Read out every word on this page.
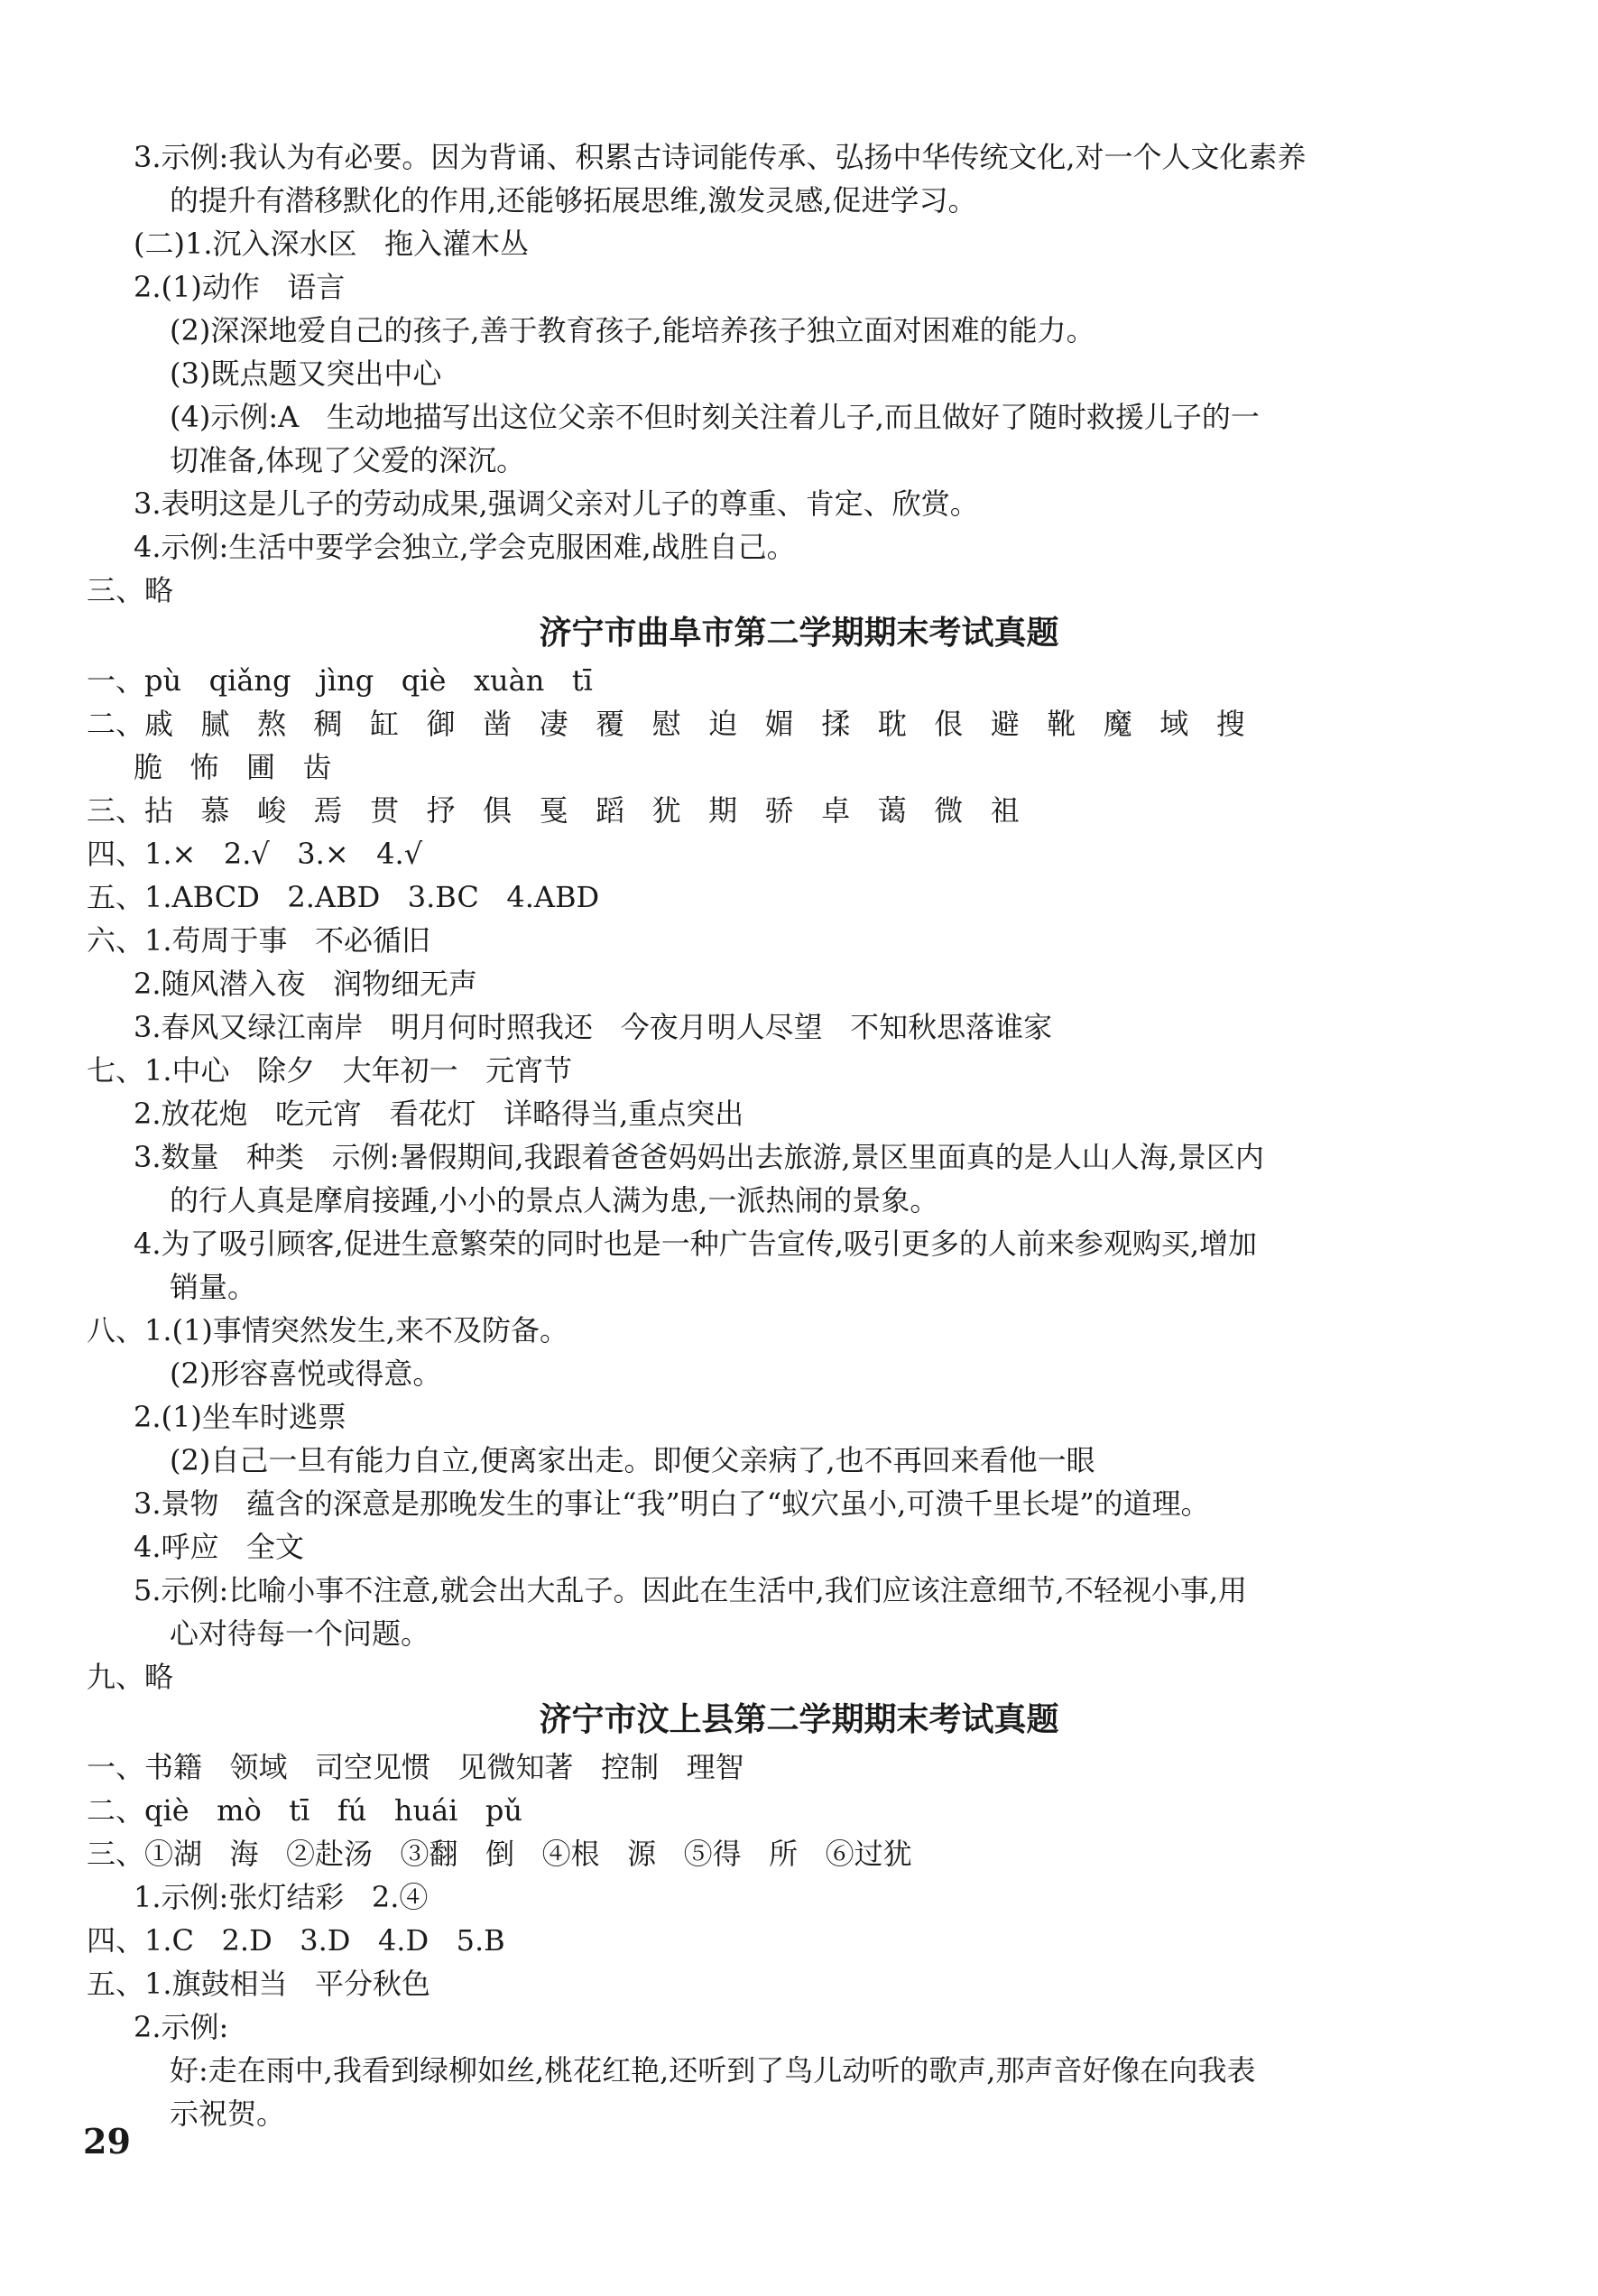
3.示例:我认为有必要。因为背诵、积累古诗词能传承、弘扬中华传统文化,对一个人文化素养
的提升有潜移默化的作用,还能够拓展思维,激发灵感,促进学习。
(二)1.沉入深水区   拖入灌木丛
2.(1)动作   语言
(2)深深地爱自己的孩子,善于教育孩子,能培养孩子独立面对困难的能力。
(3)既点题又突出中心
(4)示例:A   生动地描写出这位父亲不但时刻关注着儿子,而且做好了随时救援儿子的一
切准备,体现了父爱的深沉。
3.表明这是儿子的劳动成果,强调父亲对儿子的尊重、肯定、欣赏。
4.示例:生活中要学会独立,学会克服困难,战胜自己。
三、略
济宁市曲阜市第二学期期末考试真题
一、pù   qiǎng   jìng   qiè   xuàn   tī
二、戚   腻   熬   稠   缸   御   凿   凄   覆   慰   迫   媚   揉   耽   佷   避   靴   魔   域   搜
脆   怖   圃   齿
三、拈   慕   峻   焉   贯   抒   俱   戛   蹈   犹   期   骄   卓   蔼   微   祖
四、1.×   2.√   3.×   4.√
五、1.ABCD   2.ABD   3.BC   4.ABD
六、1.苟周于事   不必循旧
2.随风潜入夜   润物细无声
3.春风又绿江南岸   明月何时照我还   今夜月明人尽望   不知秋思落谁家
七、1.中心   除夕   大年初一   元宵节
2.放花炮   吃元宵   看花灯   详略得当,重点突出
3.数量   种类   示例:暑假期间,我跟着爸爸妈妈出去旅游,景区里面真的是人山人海,景区内
的行人真是摩肩接踵,小小的景点人满为患,一派热闹的景象。
4.为了吸引顾客,促进生意繁荣的同时也是一种广告宣传,吸引更多的人前来参观购买,增加
销量。
八、1.(1)事情突然发生,来不及防备。
(2)形容喜悦或得意。
2.(1)坐车时逃票
(2)自己一旦有能力自立,便离家出走。即便父亲病了,也不再回来看他一眼
3.景物   蕴含的深意是那晚发生的事让“我”明白了“蚁穴虽小,可溃千里长堤”的道理。
4.呼应   全文
5.示例:比喻小事不注意,就会出大乱子。因此在生活中,我们应该注意细节,不轻视小事,用
心对待每一个问题。
九、略
济宁市汶上县第二学期期末考试真题
一、书籍   领域   司空见惯   见微知著   控制   理智
二、qiè   mò   tī   fú   huái   pǔ
三、①湖   海   ②赴汤   ③翻   倒   ④根   源   ⑤得   所   ⑥过犹
1.示例:张灯结彩   2.④
四、1.C   2.D   3.D   4.D   5.B
五、1.旗鼓相当   平分秋色
2.示例:
好:走在雨中,我看到绿柳如丝,桃花红艳,还听到了鸟儿动听的歌声,那声音好像在向我表
示祝贺。
29
